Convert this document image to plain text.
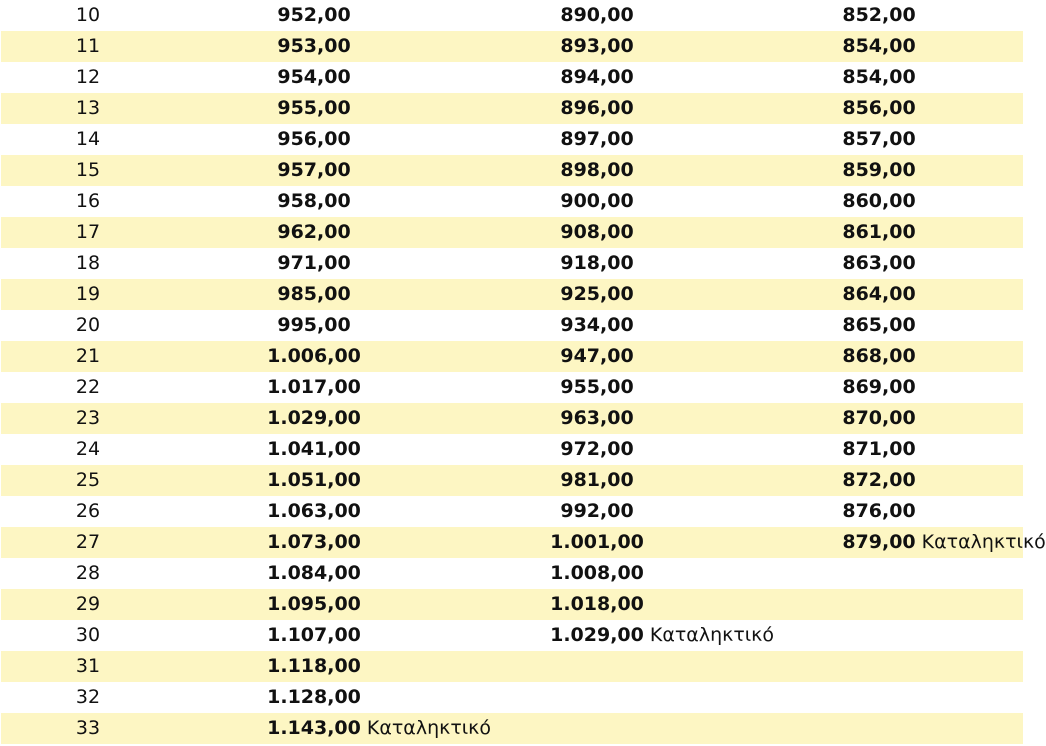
10	952,00	890,00	852,00
11	953,00	893,00	854,00
12	954,00	894,00	854,00
13	955,00	896,00	856,00
14	956,00	897,00	857,00
15	957,00	898,00	859,00
16	958,00	900,00	860,00
17	962,00	908,00	861,00
18	971,00	918,00	863,00
19	985,00	925,00	864,00
20	995,00	934,00	865,00
21	1.006,00	947,00	868,00
22	1.017,00	955,00	869,00
23	1.029,00	963,00	870,00
24	1.041,00	972,00	871,00
25	1.051,00	981,00	872,00
26	1.063,00	992,00	876,00
27	1.073,00	1.001,00	879,00 Καταληκτικό
28	1.084,00	1.008,00
29	1.095,00	1.018,00
30	1.107,00	1.029,00 Καταληκτικό
31	1.118,00
32	1.128,00
33	1.143,00 Καταληκτικό
